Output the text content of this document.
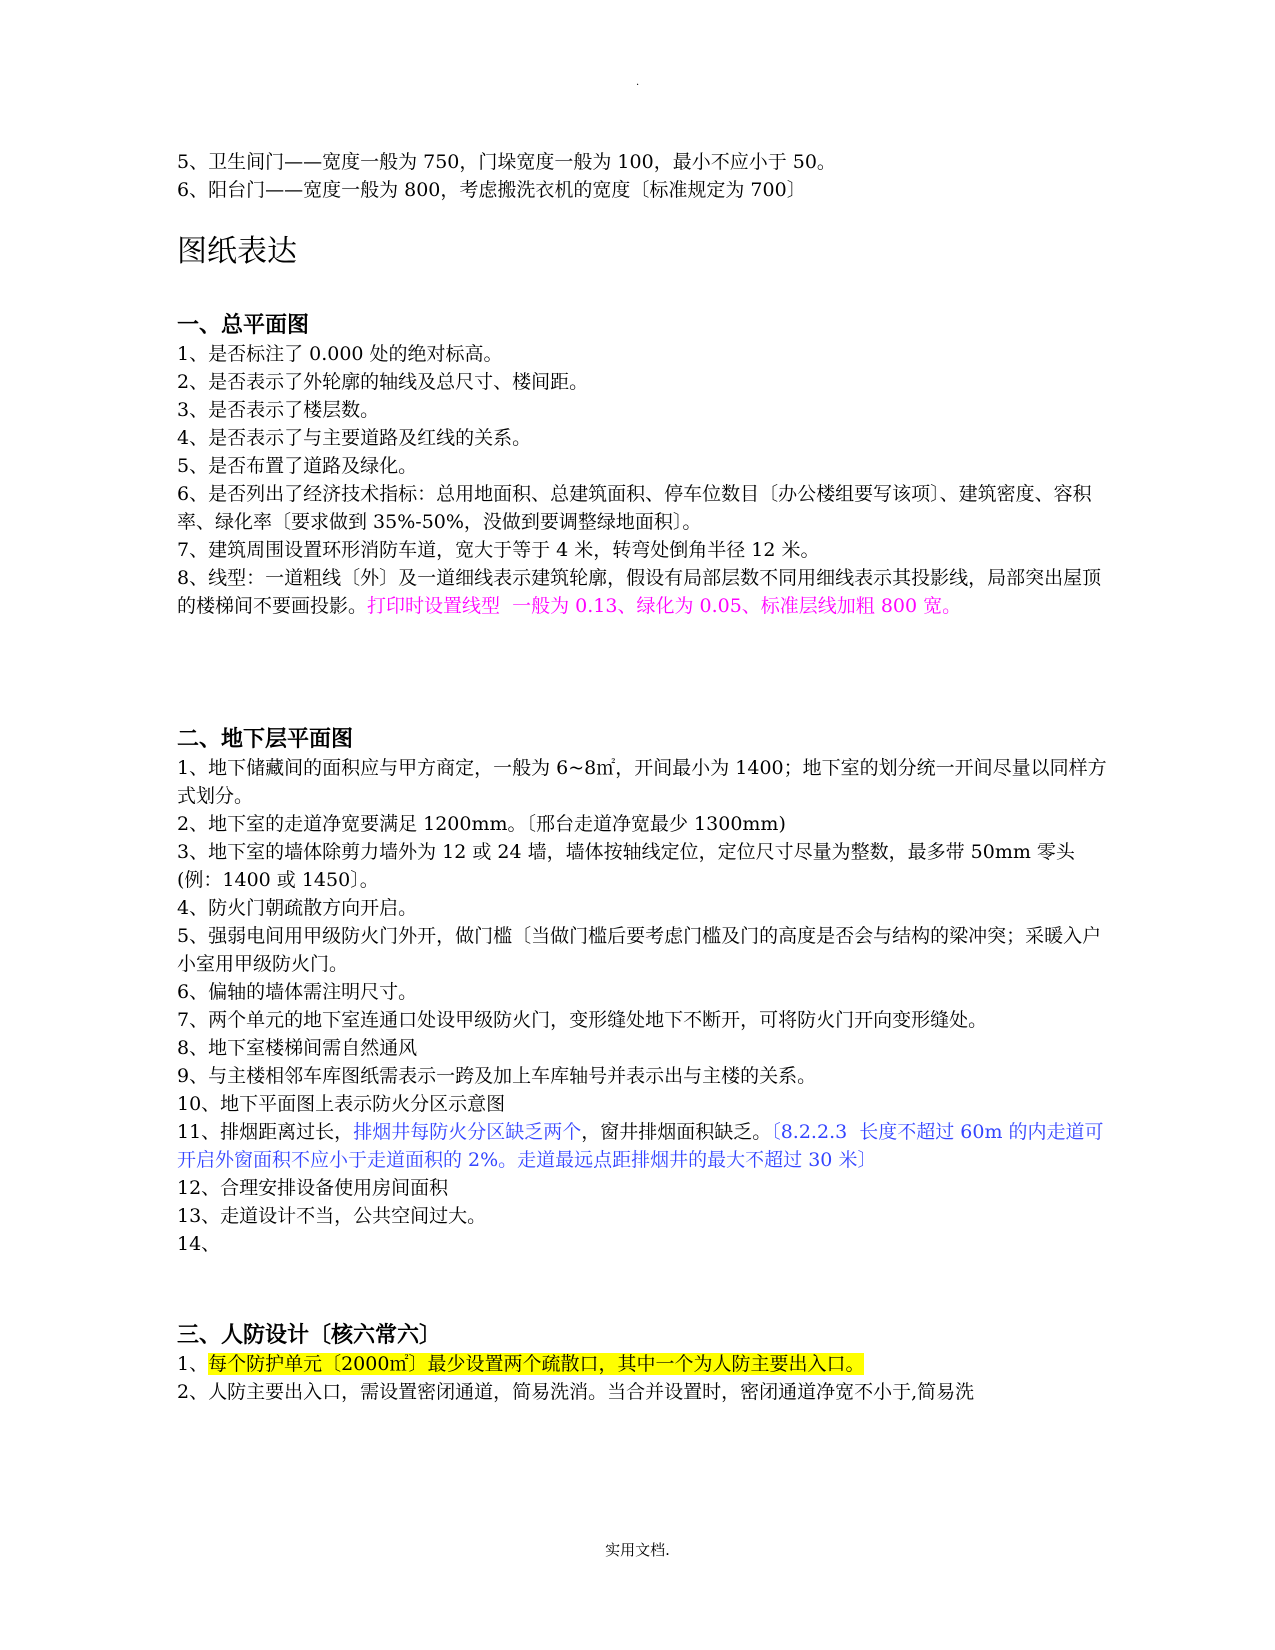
.
5、卫生间门——宽度一般为 750，门垛宽度一般为 100，最小不应小于 50。
6、阳台门——宽度一般为 800，考虑搬洗衣机的宽度〔标准规定为 700〕
图纸表达
一、总平面图
1、是否标注了 0.000 处的绝对标高。
2、是否表示了外轮廓的轴线及总尺寸、楼间距。
3、是否表示了楼层数。
4、是否表示了与主要道路及红线的关系。
5、是否布置了道路及绿化。
6、是否列出了经济技术指标：总用地面积、总建筑面积、停车位数目〔办公楼组要写该项〕、建筑密度、容积率、绿化率〔要求做到 35%-50%，没做到要调整绿地面积〕。
7、建筑周围设置环形消防车道，宽大于等于 4 米，转弯处倒角半径 12 米。
8、线型：一道粗线〔外〕及一道细线表示建筑轮廓，假设有局部层数不同用细线表示其投影线，局部突出屋顶的楼梯间不要画投影。打印时设置线型  一般为 0.13、绿化为 0.05、标准层线加粗 800 宽。
二、地下层平面图
1、地下储藏间的面积应与甲方商定，一般为 6~8㎡，开间最小为 1400；地下室的划分统一开间尽量以同样方式划分。
2、地下室的走道净宽要满足 1200mm。〔邢台走道净宽最少 1300mm)
3、地下室的墙体除剪力墙外为 12 或 24 墙，墙体按轴线定位，定位尺寸尽量为整数，最多带 50mm 零头(例：1400 或 1450〕。
4、防火门朝疏散方向开启。
5、强弱电间用甲级防火门外开，做门槛〔当做门槛后要考虑门槛及门的高度是否会与结构的梁冲突；采暖入户小室用甲级防火门。
6、偏轴的墙体需注明尺寸。
7、两个单元的地下室连通口处设甲级防火门，变形缝处地下不断开，可将防火门开向变形缝处。
8、地下室楼梯间需自然通风
9、与主楼相邻车库图纸需表示一跨及加上车库轴号并表示出与主楼的关系。
10、地下平面图上表示防火分区示意图
11、排烟距离过长，排烟井每防火分区缺乏两个，窗井排烟面积缺乏。〔8.2.2.3  长度不超过 60m 的内走道可开启外窗面积不应小于走道面积的 2%。走道最远点距排烟井的最大不超过 30 米〕
12、合理安排设备使用房间面积
13、走道设计不当，公共空间过大。
14、
三、人防设计〔核六常六〕
1、每个防护单元〔2000㎡〕最少设置两个疏散口，其中一个为人防主要出入口。
2、人防主要出入口，需设置密闭通道，简易洗消。当合并设置时，密闭通道净宽不小于,简易洗
实用文档.
